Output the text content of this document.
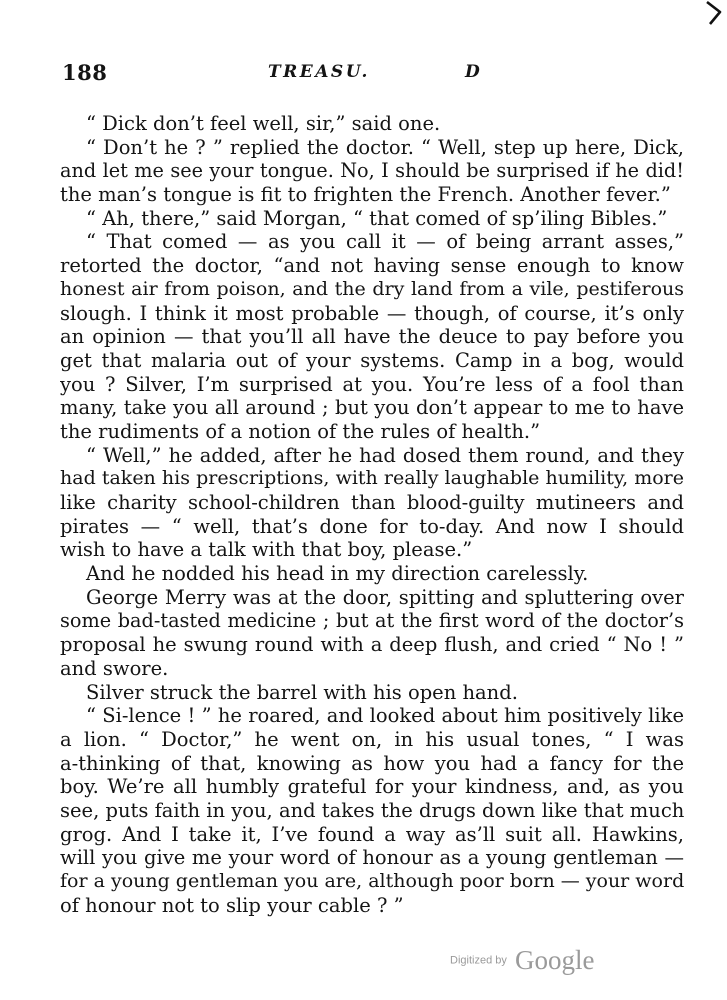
188	TREASU.	D
“ Dick don’t feel well, sir,” said one.
“ Don’t he ? ” replied the doctor. “ Well, step up here, Dick,
and let me see your tongue. No, I should be surprised if he did!
the man’s tongue is fit to frighten the French. Another fever.”
“ Ah, there,” said Morgan, “ that comed of sp’iling Bibles.”
“ That comed — as you call it — of being arrant asses,”
retorted the doctor, “and not having sense enough to know
honest air from poison, and the dry land from a vile, pestiferous
slough. I think it most probable — though, of course, it’s only
an opinion — that you’ll all have the deuce to pay before you
get that malaria out of your systems. Camp in a bog, would
you ? Silver, I’m surprised at you. You’re less of a fool than
many, take you all around ; but you don’t appear to me to have
the rudiments of a notion of the rules of health.”
“ Well,” he added, after he had dosed them round, and they
had taken his prescriptions, with really laughable humility, more
like charity school-children than blood-guilty mutineers and
pirates — “ well, that’s done for to-day. And now I should
wish to have a talk with that boy, please.”
And he nodded his head in my direction carelessly.
George Merry was at the door, spitting and spluttering over
some bad-tasted medicine ; but at the first word of the doctor’s
proposal he swung round with a deep flush, and cried “ No ! ”
and swore.
Silver struck the barrel with his open hand.
“ Si-lence ! ” he roared, and looked about him positively like
a lion. “ Doctor,” he went on, in his usual tones, “ I was
a-thinking of that, knowing as how you had a fancy for the
boy. We’re all humbly grateful for your kindness, and, as you
see, puts faith in you, and takes the drugs down like that much
grog. And I take it, I’ve found a way as’ll suit all. Hawkins,
will you give me your word of honour as a young gentleman —
for a young gentleman you are, although poor born — your word
of honour not to slip your cable ? ”
Digitized by Google
